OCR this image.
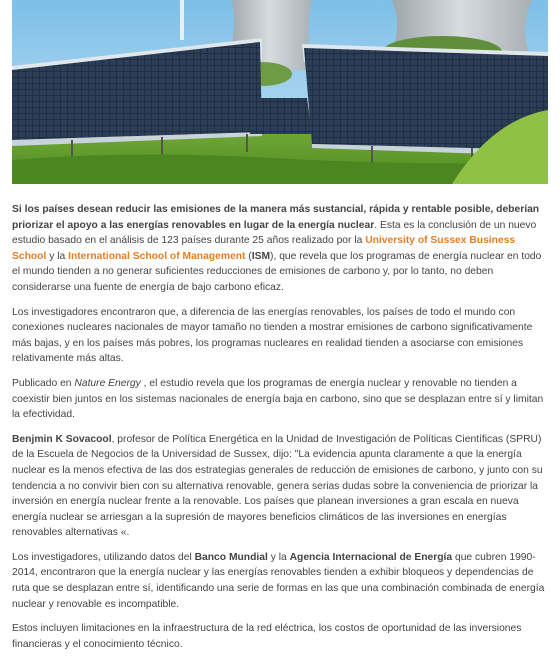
Si los países desean reducir las emisiones de la manera más sustancial, rápida y rentable posible, deberían priorizar el apoyo a las energías renovables en lugar de la energía nuclear. Esta es la conclusión de un nuevo estudio basado en el análisis de 123 países durante 25 años realizado por la University of Sussex Business School y la International School of Management (ISM), que revela que los programas de energía nuclear en todo el mundo tienden a no generar suficientes reducciones de emisiones de carbono y, por lo tanto, no deben considerarse una fuente de energía de bajo carbono eficaz.

Los investigadores encontraron que, a diferencia de las energías renovables, los países de todo el mundo con conexiones nucleares nacionales de mayor tamaño no tienden a mostrar emisiones de carbono significativamente más bajas, y en los países más pobres, los programas nucleares en realidad tienden a asociarse con emisiones relativamente más altas.

Publicado en Nature Energy , el estudio revela que los programas de energía nuclear y renovable no tienden a coexistir bien juntos en los sistemas nacionales de energía baja en carbono, sino que se desplazan entre sí y limitan la efectividad.

Benjmin K Sovacool, profesor de Política Energética en la Unidad de Investigación de Políticas Científicas (SPRU) de la Escuela de Negocios de la Universidad de Sussex, dijo: "La evidencia apunta claramente a que la energía nuclear es la menos efectiva de las dos estrategias generales de reducción de emisiones de carbono, y junto con su tendencia a no convivir bien con su alternativa renovable, genera serias dudas sobre la conveniencia de priorizar la inversión en energía nuclear frente a la renovable. Los países que planean inversiones a gran escala en nueva energía nuclear se arriesgan a la supresión de mayores beneficios climáticos de las inversiones en energías renovables alternativas «.

Los investigadores, utilizando datos del Banco Mundial y la Agencia Internacional de Energía que cubren 1990-2014, encontraron que la energía nuclear y las energías renovables tienden a exhibir bloqueos y dependencias de ruta que se desplazan entre sí, identificando una serie de formas en las que una combinación combinada de energía nuclear y renovable es incompatible.

Estos incluyen limitaciones en la infraestructura de la red eléctrica, los costos de oportunidad de las inversiones financieras y el conocimiento técnico.
